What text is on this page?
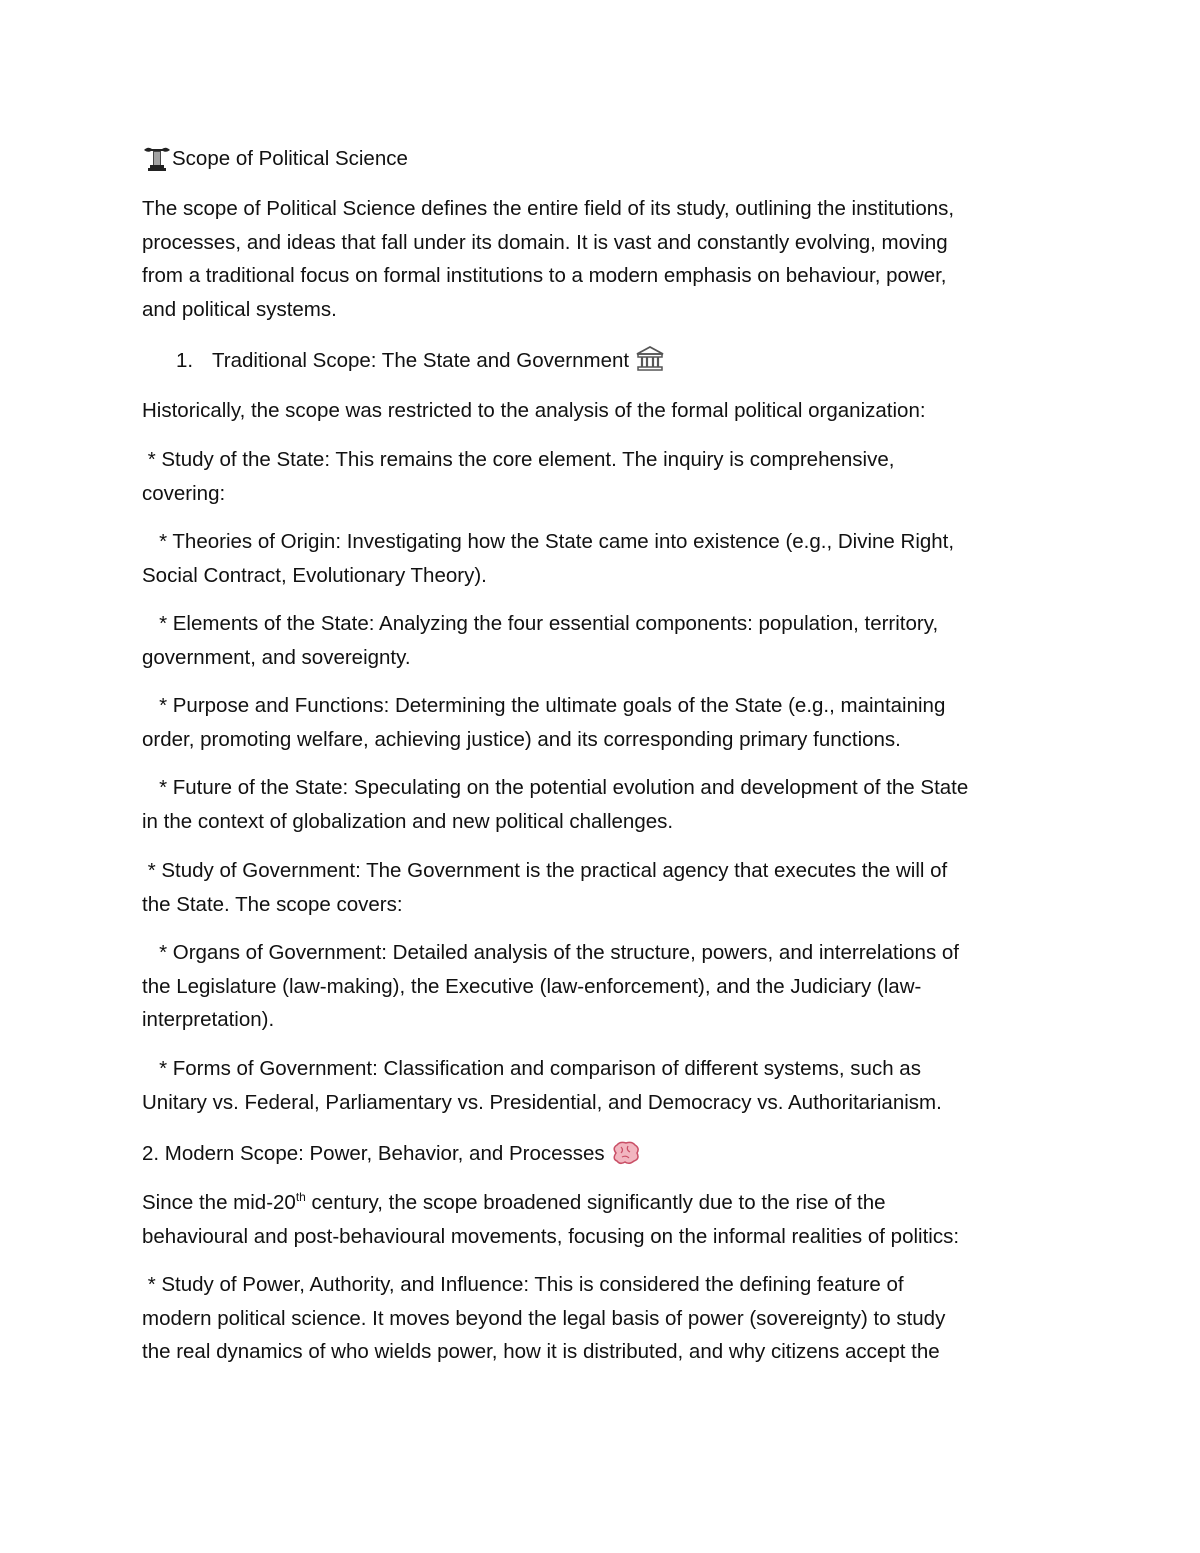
Scope of Political Science

The scope of Political Science defines the entire field of its study, outlining the institutions,
processes, and ideas that fall under its domain. It is vast and constantly evolving, moving
from a traditional focus on formal institutions to a modern emphasis on behaviour, power,
and political systems.
1. Traditional Scope: The State and Government

Historically, the scope was restricted to the analysis of the formal political organization:

* Study of the State: This remains the core element. The inquiry is comprehensive,
covering:
* Theories of Origin: Investigating how the State came into existence (e.g., Divine Right,
Social Contract, Evolutionary Theory).
* Elements of the State: Analyzing the four essential components: population, territory,
government, and sovereignty.
* Purpose and Functions: Determining the ultimate goals of the State (e.g., maintaining
order, promoting welfare, achieving justice) and its corresponding primary functions.
* Future of the State: Speculating on the potential evolution and development of the State
in the context of globalization and new political challenges.
* Study of Government: The Government is the practical agency that executes the will of
the State. The scope covers:
* Organs of Government: Detailed analysis of the structure, powers, and interrelations of
the Legislature (law-making), the Executive (law-enforcement), and the Judiciary (law-
interpretation).
* Forms of Government: Classification and comparison of different systems, such as
Unitary vs. Federal, Parliamentary vs. Presidential, and Democracy vs. Authoritarianism.

2. Modern Scope: Power, Behavior, and Processes

Since the mid-20th century, the scope broadened significantly due to the rise of the
behavioural and post-behavioural movements, focusing on the informal realities of politics:
* Study of Power, Authority, and Influence: This is considered the defining feature of
modern political science. It moves beyond the legal basis of power (sovereignty) to study
the real dynamics of who wields power, how it is distributed, and why citizens accept the
